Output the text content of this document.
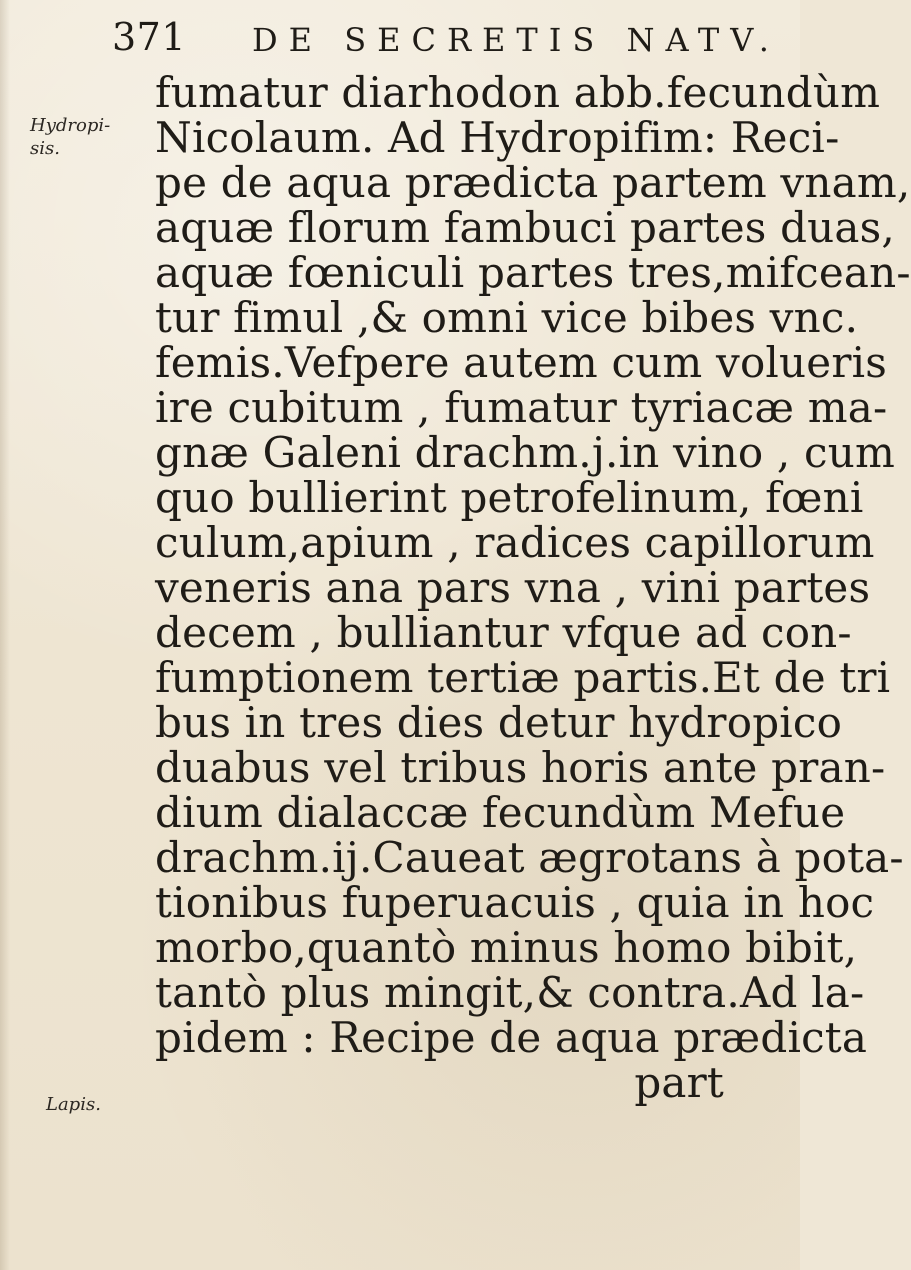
371 DE SECRETIS NATV.
Hydropi-
sis.
Lapis.
fumatur diarhodon abb.fecundùm
Nicolaum. Ad Hydropifim: Reci-
pe de aqua prædicta partem vnam,
aquæ florum fambuci partes duas,
aquæ fœniculi partes tres,mifcean-
tur fimul ,& omni vice bibes vnc.
femis.Vefpere autem cum volueris
ire cubitum , fumatur tyriacæ ma-
gnæ Galeni drachm.j.in vino , cum
quo bullierint petrofelinum, fœni
culum,apium , radices capillorum
veneris ana pars vna , vini partes
decem , bulliantur vfque ad con-
fumptionem tertiæ partis.Et de tri
bus in tres dies detur hydropico
duabus vel tribus horis ante pran-
dium dialaccæ fecundùm Mefue
drachm.ij.Caueat ægrotans à pota-
tionibus fuperuacuis , quia in hoc
morbo,quantò minus homo bibit,
tantò plus mingit,& contra.Ad la-
pidem : Recipe de aqua prædicta
part
